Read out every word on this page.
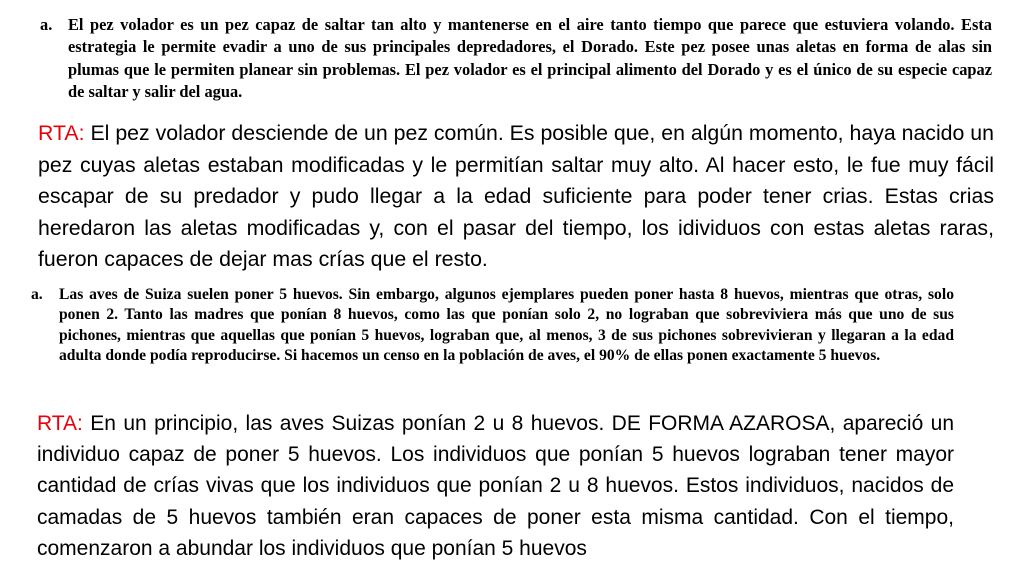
a. El pez volador es un pez capaz de saltar tan alto y mantenerse en el aire tanto tiempo que parece que estuviera volando. Esta estrategia le permite evadir a uno de sus principales depredadores, el Dorado. Este pez posee unas aletas en forma de alas sin plumas que le permiten planear sin problemas. El pez volador es el principal alimento del Dorado y es el único de su especie capaz de saltar y salir del agua.
RTA: El pez volador desciende de un pez común. Es posible que, en algún momento, haya nacido un pez cuyas aletas estaban modificadas y le permitían saltar muy alto. Al hacer esto, le fue muy fácil escapar de su predador y pudo llegar a la edad suficiente para poder tener crias. Estas crias heredaron las aletas modificadas y, con el pasar del tiempo, los idividuos con estas aletas raras, fueron capaces de dejar mas crías que el resto.
a. Las aves de Suiza suelen poner 5 huevos. Sin embargo, algunos ejemplares pueden poner hasta 8 huevos, mientras que otras, solo ponen 2. Tanto las madres que ponían 8 huevos, como las que ponían solo 2, no lograban que sobreviviera más que uno de sus pichones, mientras que aquellas que ponían 5 huevos, lograban que, al menos, 3 de sus pichones sobrevivieran y llegaran a la edad adulta donde podía reproducirse. Si hacemos un censo en la población de aves, el 90% de ellas ponen exactamente 5 huevos.
RTA: En un principio, las aves Suizas ponían 2 u 8 huevos. DE FORMA AZAROSA, apareció un individuo capaz de poner 5 huevos. Los individuos que ponían 5 huevos lograban tener mayor cantidad de crías vivas que los individuos que ponían 2 u 8 huevos. Estos individuos, nacidos de camadas de 5 huevos también eran capaces de poner esta misma cantidad. Con el tiempo, comenzaron a abundar los individuos que ponían 5 huevos
